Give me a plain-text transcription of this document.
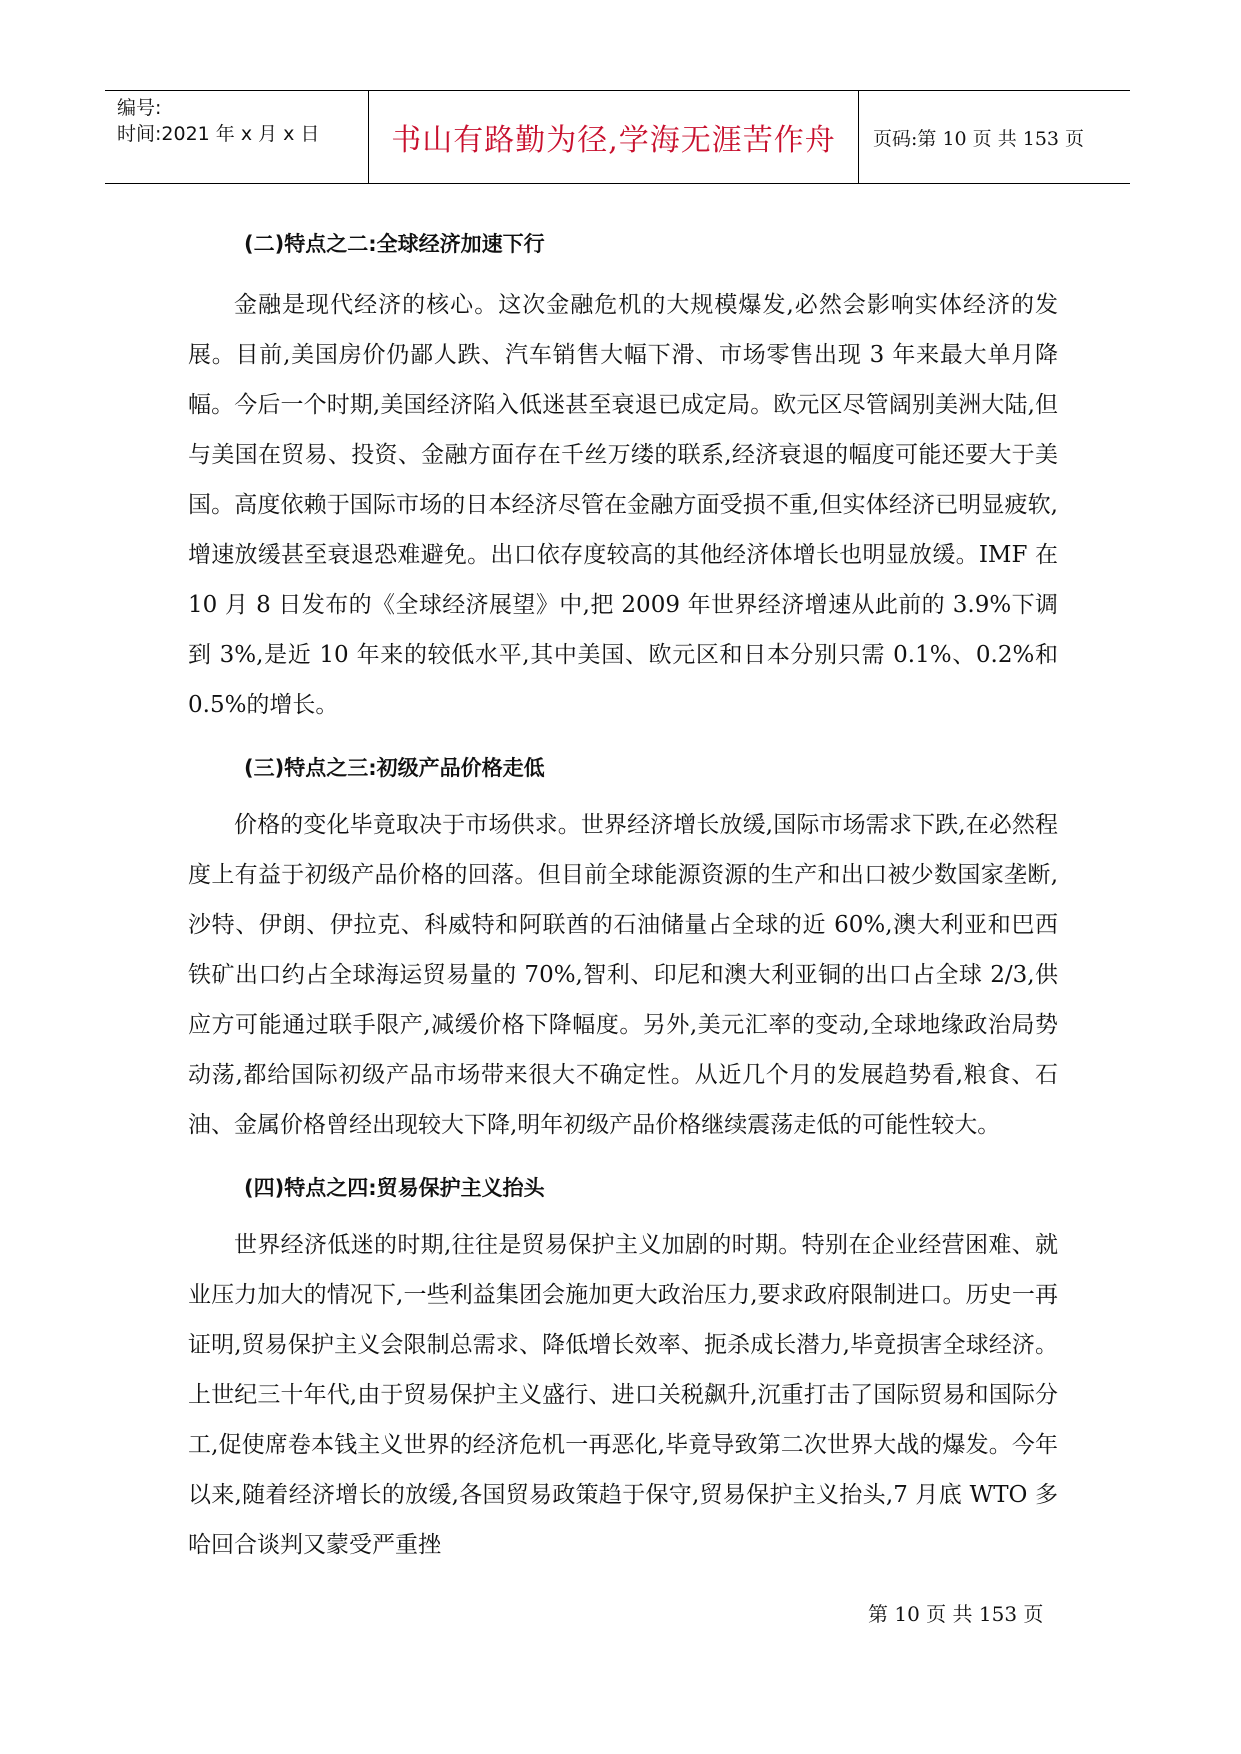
编号:
时间:2021 年 x 月 x 日	书山有路勤为径,学海无涯苦作舟 页码:第 10 页 共 153 页
(二)特点之二:全球经济加速下行

金融是现代经济的核心。这次金融危机的大规模爆发,必然会影响实体经济的发展。目前,美国房价仍鄙人跌、汽车销售大幅下滑、市场零售出现 3 年来最大单月降幅。今后一个时期,美国经济陷入低迷甚至衰退已成定局。欧元区尽管阔别美洲大陆,但与美国在贸易、投资、金融方面存在千丝万缕的联系,经济衰退的幅度可能还要大于美国。高度依赖于国际市场的日本经济尽管在金融方面受损不重,但实体经济已明显疲软,增速放缓甚至衰退恐难避免。出口依存度较高的其他经济体增长也明显放缓。IMF 在 10 月 8 日发布的《全球经济展望》中,把 2009 年世界经济增速从此前的 3.9%下调到 3%,是近 10 年来的较低水平,其中美国、欧元区和日本分别只需 0.1%、0.2%和 0.5%的增长。

(三)特点之三:初级产品价格走低

价格的变化毕竟取决于市场供求。世界经济增长放缓,国际市场需求下跌,在必然程度上有益于初级产品价格的回落。但目前全球能源资源的生产和出口被少数国家垄断,沙特、伊朗、伊拉克、科威特和阿联酋的石油储量占全球的近 60%,澳大利亚和巴西铁矿出口约占全球海运贸易量的 70%,智利、印尼和澳大利亚铜的出口占全球 2/3,供应方可能通过联手限产,减缓价格下降幅度。另外,美元汇率的变动,全球地缘政治局势动荡,都给国际初级产品市场带来很大不确定性。从近几个月的发展趋势看,粮食、石油、金属价格曾经出现较大下降,明年初级产品价格继续震荡走低的可能性较大。

(四)特点之四:贸易保护主义抬头

世界经济低迷的时期,往往是贸易保护主义加剧的时期。特别在企业经营困难、就业压力加大的情况下,一些利益集团会施加更大政治压力,要求政府限制进口。历史一再证明,贸易保护主义会限制总需求、降低增长效率、扼杀成长潜力,毕竟损害全球经济。上世纪三十年代,由于贸易保护主义盛行、进口关税飙升,沉重打击了国际贸易和国际分工,促使席卷本钱主义世界的经济危机一再恶化,毕竟导致第二次世界大战的爆发。今年以来,随着经济增长的放缓,各国贸易政策趋于保守,贸易保护主义抬头,7 月底 WTO 多哈回合谈判又蒙受严重挫

第 10 页 共 153 页
